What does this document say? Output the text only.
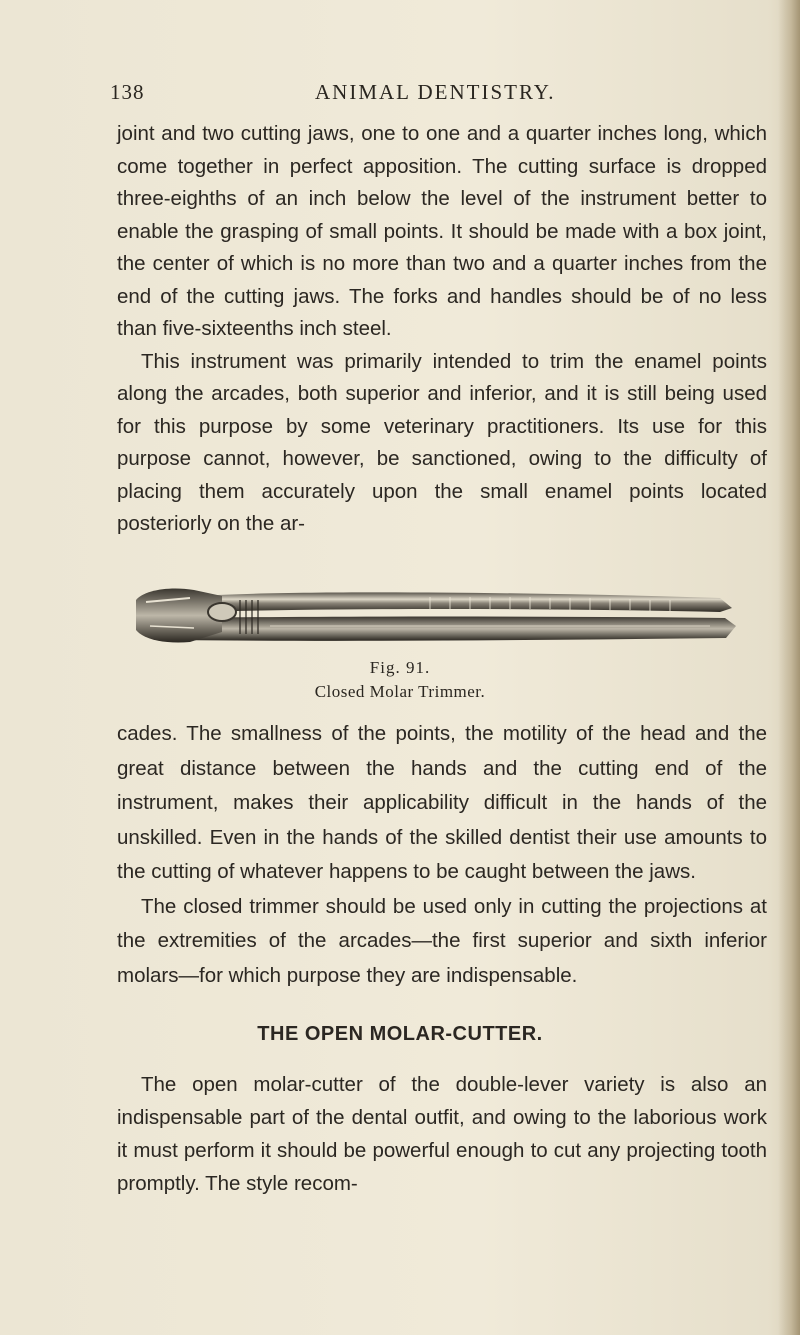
138	ANIMAL DENTISTRY.

joint and two cutting jaws, one to one and a quarter inches long, which come together in perfect apposition. The cutting surface is dropped three-eighths of an inch below the level of the instrument better to enable the grasping of small points. It should be made with a box joint, the center of which is no more than two and a quarter inches from the end of the cutting jaws. The forks and handles should be of no less than five-sixteenths inch steel.

This instrument was primarily intended to trim the enamel points along the arcades, both superior and inferior, and it is still being used for this purpose by some veterinary practitioners. Its use for this purpose cannot, however, be sanctioned, owing to the difficulty of placing them accurately upon the small enamel points located posteriorly on the ar-

Fig. 91.
Closed Molar Trimmer.

cades. The smallness of the points, the motility of the head and the great distance between the hands and the cutting end of the instrument, makes their applicability difficult in the hands of the unskilled. Even in the hands of the skilled dentist their use amounts to the cutting of whatever happens to be caught between the jaws.

The closed trimmer should be used only in cutting the projections at the extremities of the arcades—the first superior and sixth inferior molars—for which purpose they are indispensable.

THE OPEN MOLAR-CUTTER.

The open molar-cutter of the double-lever variety is also an indispensable part of the dental outfit, and owing to the laborious work it must perform it should be powerful enough to cut any projecting tooth promptly. The style recom-
